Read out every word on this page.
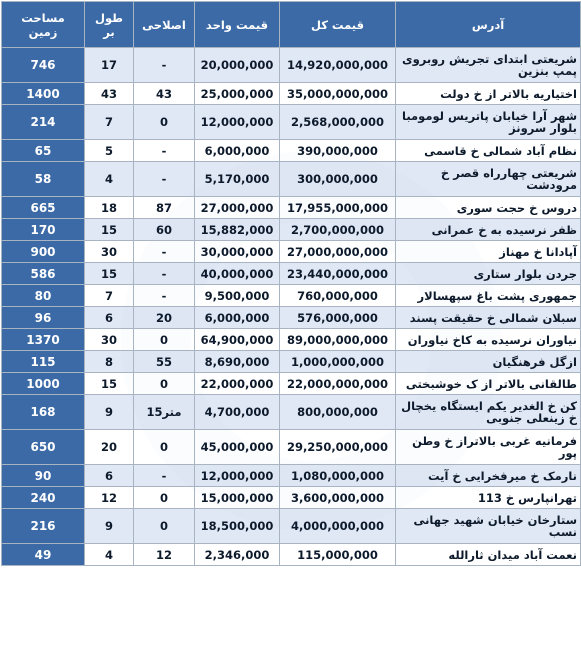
آدرس	قیمت کل	قیمت واحد	اصلاحی	طول بر	مساحت زمین
شریعتی ابتدای تجریش روبروی پمپ بنزین	14,920,000,000	20,000,000	-	17	746
اختیاریه بالاتر از خ دولت	35,000,000,000	25,000,000	43	43	1400
شهر آرا خیابان پاتریس لومومبا بلوار سرونز	2,568,000,000	12,000,000	0	7	214
نظام آباد شمالی خ قاسمی	390,000,000	6,000,000	-	5	65
شریعتی چهارراه قصر خ مرودشت	300,000,000	5,170,000	-	4	58
دروس خ حجت سوری	17,955,000,000	27,000,000	87	18	665
ظفر نرسیده به خ عمرانی	2,700,000,000	15,882,000	60	15	170
آپادانا خ مهناز	27,000,000,000	30,000,000	-	30	900
جردن بلوار ستاری	23,440,000,000	40,000,000	-	15	586
جمهوری پشت باغ سپهسالار	760,000,000	9,500,000	-	7	80
سبلان شمالی خ حقیقت پسند	576,000,000	6,000,000	20	6	96
نیاوران نرسیده به کاخ نیاوران	89,000,000,000	64,900,000	0	30	1370
ازگل فرهنگیان	1,000,000,000	8,690,000	55	8	115
طالقانی بالاتر از ک خوشبختی	22,000,000,000	22,000,000	0	15	1000
کن خ الغدیر یکم ایستگاه یخچال خ زینعلی جنوبی	800,000,000	4,700,000	15متر	9	168
فرمانیه غربی بالاتراز خ وطن پور	29,250,000,000	45,000,000	0	20	650
نارمک خ میرفخرایی خ آیت	1,080,000,000	12,000,000	-	6	90
تهرانپارس خ 113	3,600,000,000	15,000,000	0	12	240
ستارخان خیابان شهید جهانی نسب	4,000,000,000	18,500,000	0	9	216
نعمت آباد میدان ثارالله	115,000,000	2,346,000	12	4	49
